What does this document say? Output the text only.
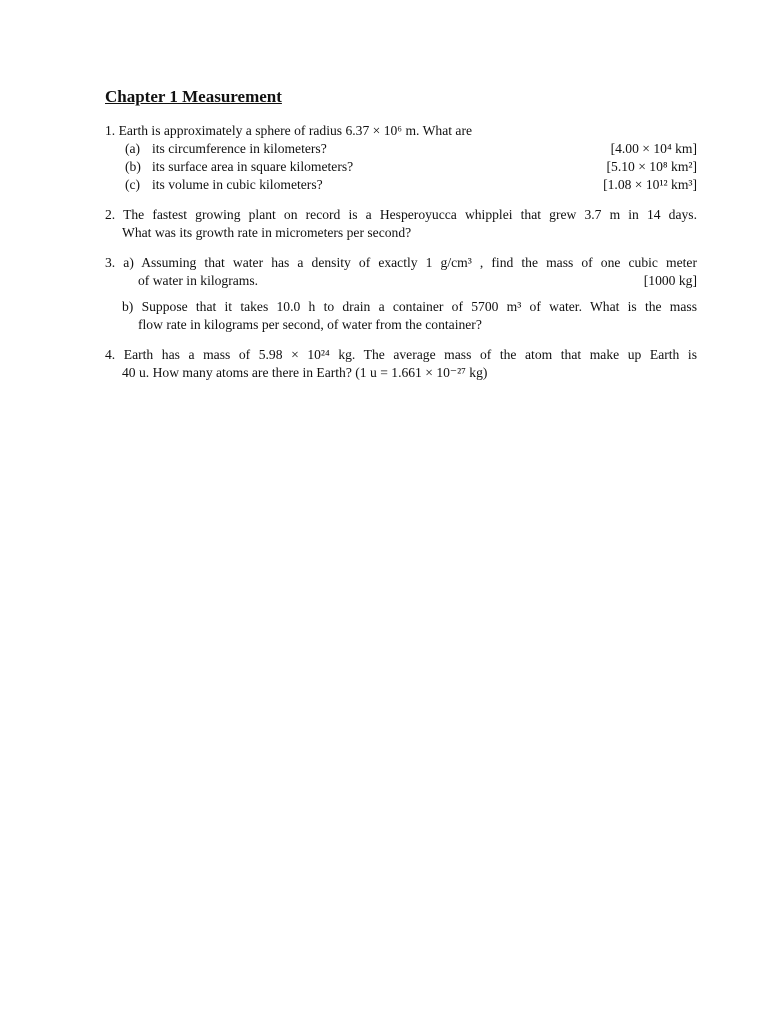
Chapter 1 Measurement
1. Earth is approximately a sphere of radius 6.37 × 10⁶ m. What are
(a) its circumference in kilometers?	[4.00 × 10⁴ km]
(b) its surface area in square kilometers?	[5.10 × 10⁸ km²]
(c) its volume in cubic kilometers?	[1.08 × 10¹² km³]
2. The fastest growing plant on record is a Hesperoyucca whipplei that grew 3.7 m in 14 days.
What was its growth rate in micrometers per second?
3. a) Assuming that water has a density of exactly 1 g/cm³ , find the mass of one cubic meter
of water in kilograms.	[1000 kg]
b) Suppose that it takes 10.0 h to drain a container of 5700 m³ of water. What is the mass
flow rate in kilograms per second, of water from the container?
4. Earth has a mass of 5.98 × 10²⁴ kg. The average mass of the atom that make up Earth is
40 u. How many atoms are there in Earth? (1 u = 1.661 × 10⁻²⁷ kg)
